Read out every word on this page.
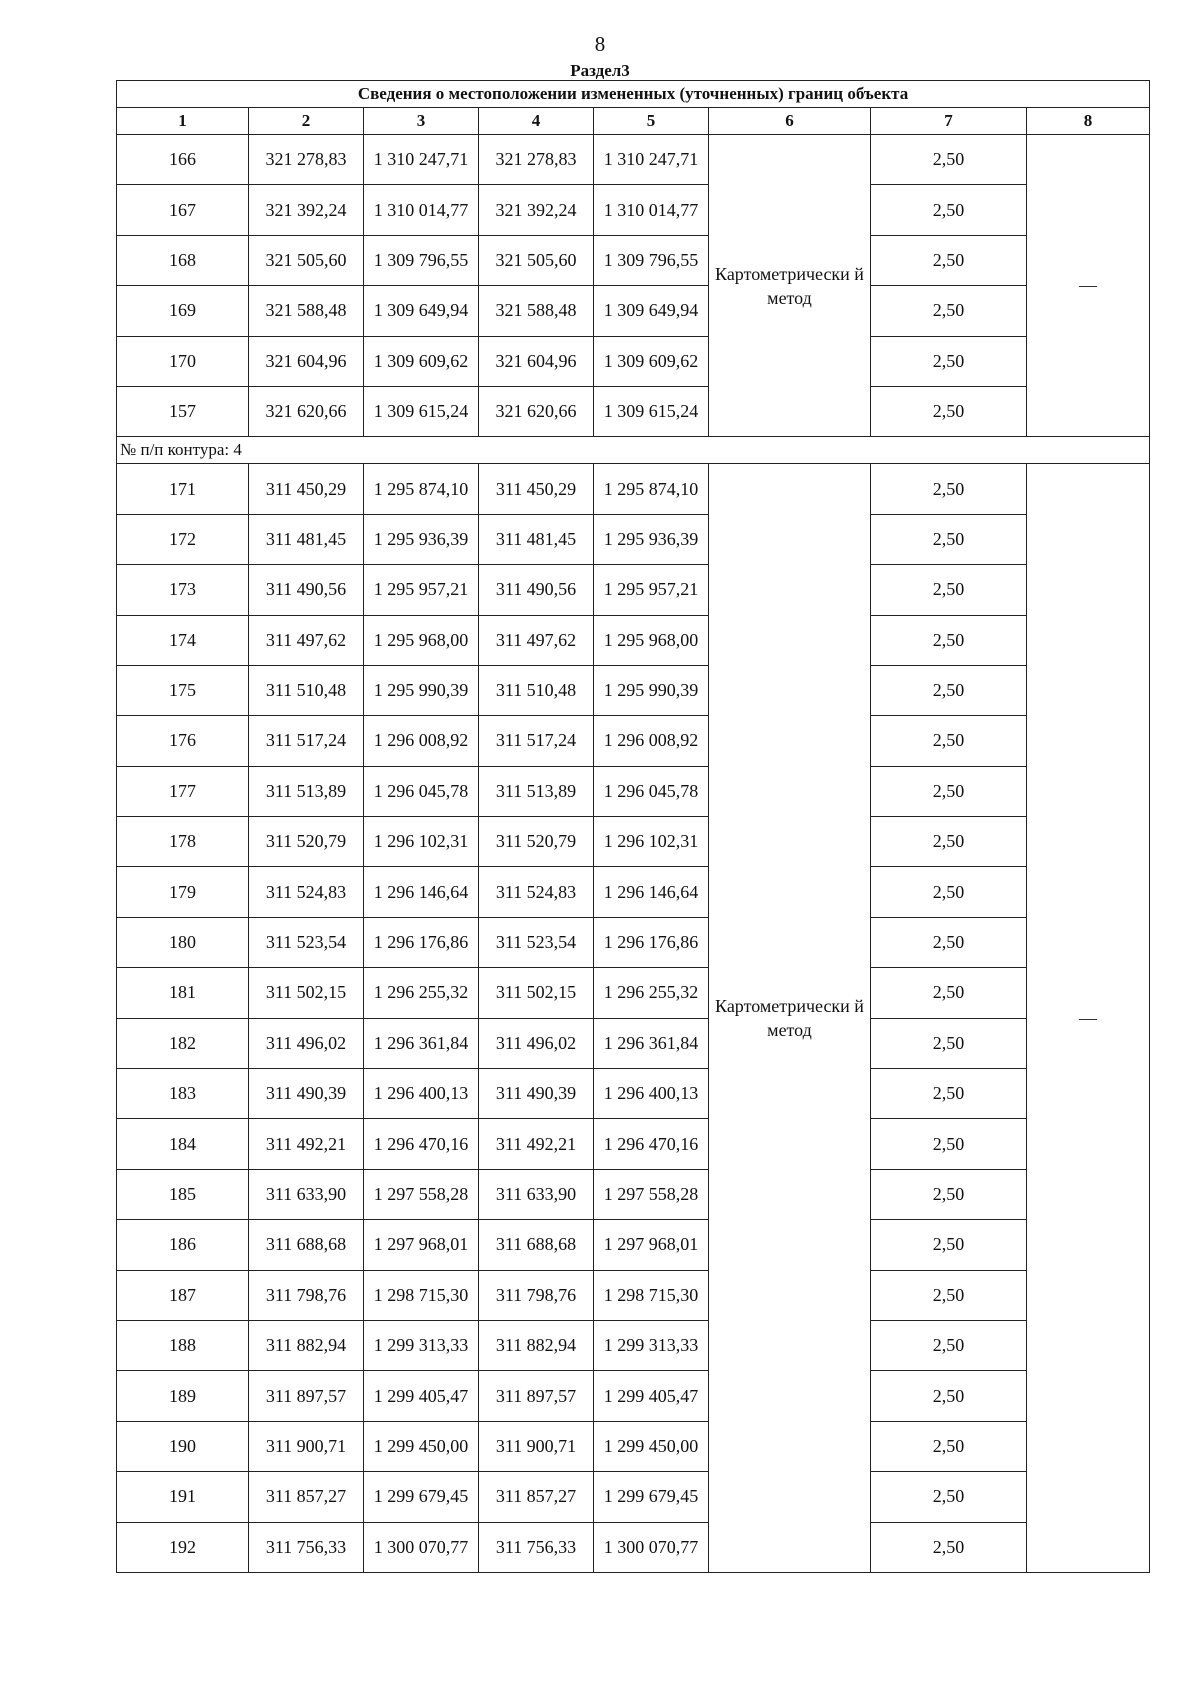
8
Раздел3
Сведения о местоположении измененных (уточненных) границ объекта							
1	2	3	4	5	6	7	8
166	321 278,83	1 310 247,71	321 278,83	1 310 247,71	Картометрически й метод	2,50	—
167	321 392,24	1 310 014,77	321 392,24	1 310 014,77		2,50	
168	321 505,60	1 309 796,55	321 505,60	1 309 796,55		2,50	
169	321 588,48	1 309 649,94	321 588,48	1 309 649,94		2,50	
170	321 604,96	1 309 609,62	321 604,96	1 309 609,62		2,50	
157	321 620,66	1 309 615,24	321 620,66	1 309 615,24		2,50	
№ п/п контура: 4							
171	311 450,29	1 295 874,10	311 450,29	1 295 874,10	Картометрически й метод	2,50	—
172	311 481,45	1 295 936,39	311 481,45	1 295 936,39		2,50	
173	311 490,56	1 295 957,21	311 490,56	1 295 957,21		2,50	
174	311 497,62	1 295 968,00	311 497,62	1 295 968,00		2,50	
175	311 510,48	1 295 990,39	311 510,48	1 295 990,39		2,50	
176	311 517,24	1 296 008,92	311 517,24	1 296 008,92		2,50	
177	311 513,89	1 296 045,78	311 513,89	1 296 045,78		2,50	
178	311 520,79	1 296 102,31	311 520,79	1 296 102,31		2,50	
179	311 524,83	1 296 146,64	311 524,83	1 296 146,64		2,50	
180	311 523,54	1 296 176,86	311 523,54	1 296 176,86		2,50	
181	311 502,15	1 296 255,32	311 502,15	1 296 255,32		2,50	
182	311 496,02	1 296 361,84	311 496,02	1 296 361,84		2,50	
183	311 490,39	1 296 400,13	311 490,39	1 296 400,13		2,50	
184	311 492,21	1 296 470,16	311 492,21	1 296 470,16		2,50	
185	311 633,90	1 297 558,28	311 633,90	1 297 558,28		2,50	
186	311 688,68	1 297 968,01	311 688,68	1 297 968,01		2,50	
187	311 798,76	1 298 715,30	311 798,76	1 298 715,30		2,50	
188	311 882,94	1 299 313,33	311 882,94	1 299 313,33		2,50	
189	311 897,57	1 299 405,47	311 897,57	1 299 405,47		2,50	
190	311 900,71	1 299 450,00	311 900,71	1 299 450,00		2,50	
191	311 857,27	1 299 679,45	311 857,27	1 299 679,45		2,50	
192	311 756,33	1 300 070,77	311 756,33	1 300 070,77		2,50	
